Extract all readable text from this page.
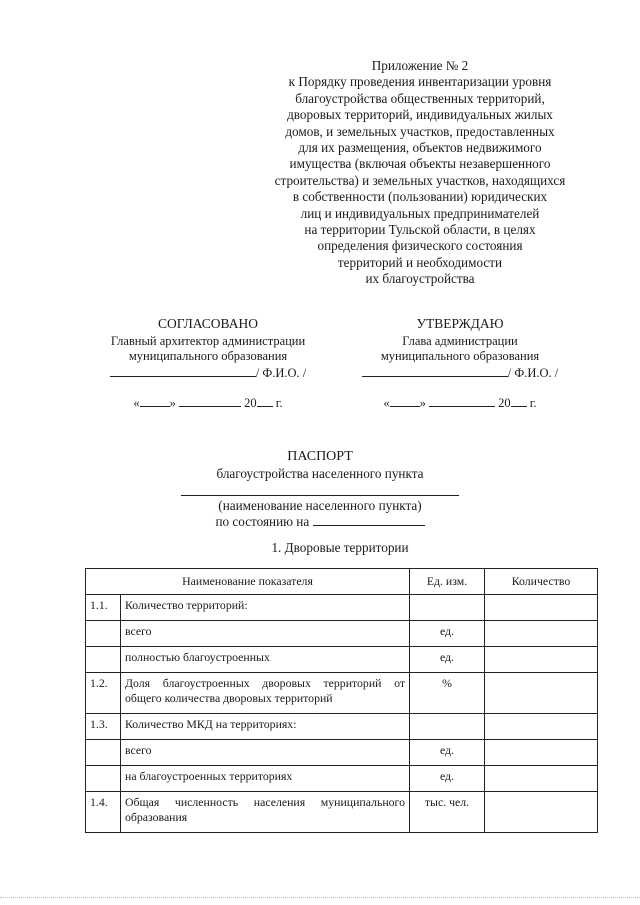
Приложение № 2
к Порядку проведения инвентаризации уровня
благоустройства общественных территорий,
дворовых территорий, индивидуальных жилых
домов, и земельных участков, предоставленных
для их размещения, объектов недвижимого
имущества (включая объекты незавершенного
строительства) и земельных участков, находящихся
в собственности (пользовании) юридических
лиц и индивидуальных предпринимателей
на территории Тульской области, в целях
определения физического состояния
территорий и необходимости
их благоустройства
СОГЛАСОВАНО
Главный архитектор администрации
муниципального образования
/ Ф.И.О. /
« »	20 г.
УТВЕРЖДАЮ
Глава администрации
муниципального образования
/ Ф.И.О. /
« »	20 г.
ПАСПОРТ
благоустройства населенного пункта
(наименование населенного пункта)
по состоянию на
1. Дворовые территории
Наименование показателя		Ед. изм.	Количество
1.1.	Количество территорий:		
	всего	ед.	
	полностью благоустроенных	ед.	
1.2.	Доля благоустроенных дворовых территорий от общего количества дворовых территорий	%	
1.3.	Количество МКД на территориях:		
	всего	ед.	
	на благоустроенных территориях	ед.	
1.4.	Общая численность населения муниципального образования	тыс. чел.	
